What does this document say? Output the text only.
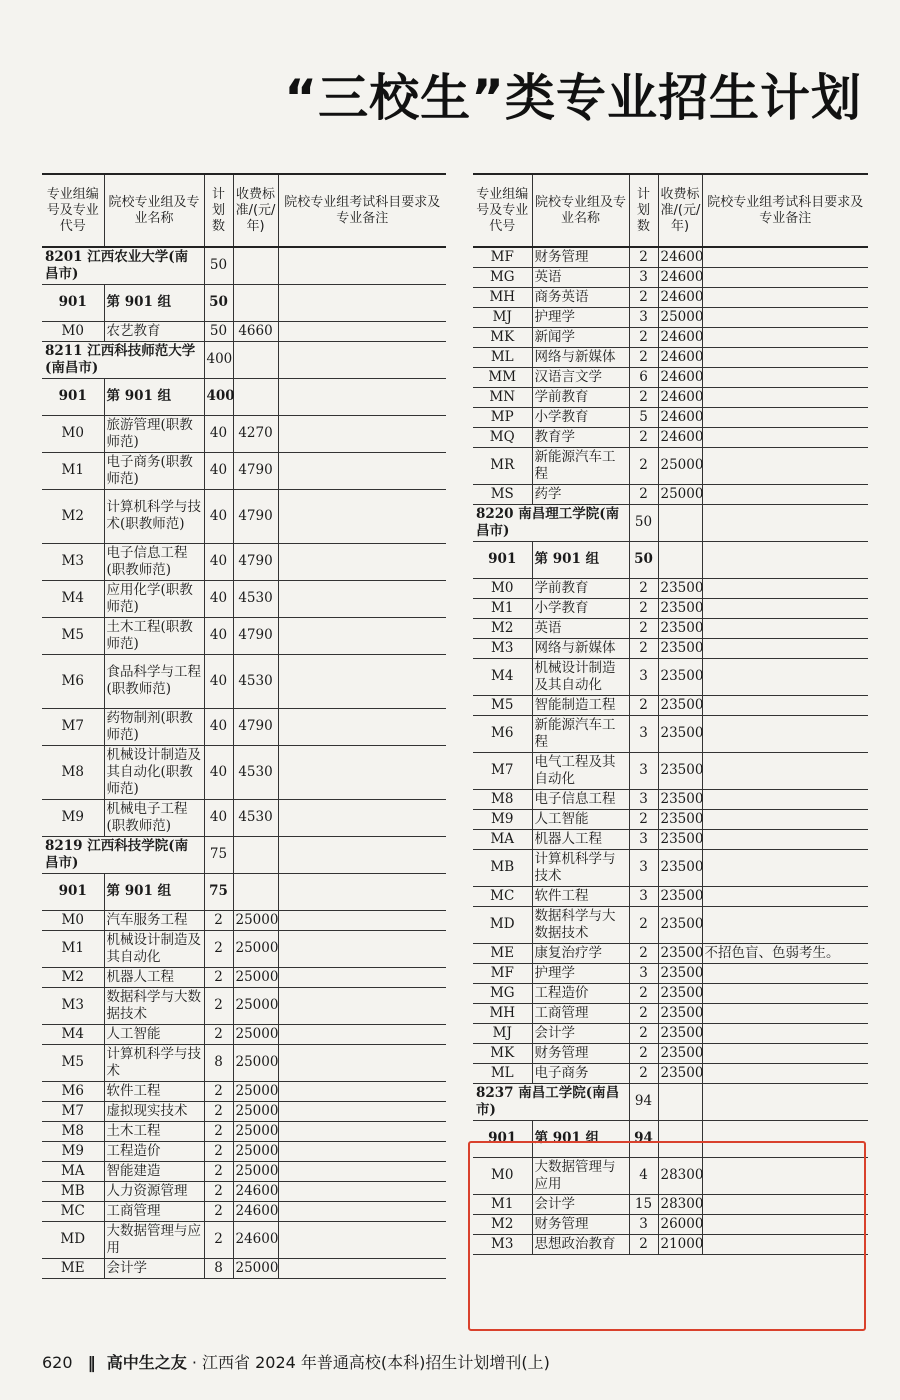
“三校生”类专业招生计划
专业组编号及专业代号	院校专业组及专业名称	计划数	收费标准/(元/年)	院校专业组考试科目要求及专业备注
8201 江西农业大学(南昌市)		50		
901	第 901 组	50		
M0	农艺教育	50	4660	
8211 江西科技师范大学(南昌市)		400		
901	第 901 组	400		
M0	旅游管理(职教师范)	40	4270	
M1	电子商务(职教师范)	40	4790	
M2	计算机科学与技术(职教师范)	40	4790	
M3	电子信息工程(职教师范)	40	4790	
M4	应用化学(职教师范)	40	4530	
M5	土木工程(职教师范)	40	4790	
M6	食品科学与工程(职教师范)	40	4530	
M7	药物制剂(职教师范)	40	4790	
M8	机械设计制造及其自动化(职教师范)	40	4530	
M9	机械电子工程(职教师范)	40	4530	
8219 江西科技学院(南昌市)		75		
901	第 901 组	75		
M0	汽车服务工程	2	25000	
M1	机械设计制造及其自动化	2	25000	
M2	机器人工程	2	25000	
M3	数据科学与大数据技术	2	25000	
M4	人工智能	2	25000	
M5	计算机科学与技术	8	25000	
M6	软件工程	2	25000	
M7	虚拟现实技术	2	25000	
M8	土木工程	2	25000	
M9	工程造价	2	25000	
MA	智能建造	2	25000	
MB	人力资源管理	2	24600	
MC	工商管理	2	24600	
MD	大数据管理与应用	2	24600	
ME	会计学	8	25000	
专业组编号及专业代号	院校专业组及专业名称	计划数	收费标准/(元/年)	院校专业组考试科目要求及专业备注
MF	财务管理	2	24600	
MG	英语	3	24600	
MH	商务英语	2	24600	
MJ	护理学	3	25000	
MK	新闻学	2	24600	
ML	网络与新媒体	2	24600	
MM	汉语言文学	6	24600	
MN	学前教育	2	24600	
MP	小学教育	5	24600	
MQ	教育学	2	24600	
MR	新能源汽车工程	2	25000	
MS	药学	2	25000	
8220 南昌理工学院(南昌市)		50		
901	第 901 组	50		
M0	学前教育	2	23500	
M1	小学教育	2	23500	
M2	英语	2	23500	
M3	网络与新媒体	2	23500	
M4	机械设计制造及其自动化	3	23500	
M5	智能制造工程	2	23500	
M6	新能源汽车工程	3	23500	
M7	电气工程及其自动化	3	23500	
M8	电子信息工程	3	23500	
M9	人工智能	2	23500	
MA	机器人工程	3	23500	
MB	计算机科学与技术	3	23500	
MC	软件工程	3	23500	
MD	数据科学与大数据技术	2	23500	
ME	康复治疗学	2	23500	不招色盲、色弱考生。
MF	护理学	3	23500	
MG	工程造价	2	23500	
MH	工商管理	2	23500	
MJ	会计学	2	23500	
MK	财务管理	2	23500	
ML	电子商务	2	23500	
8237 南昌工学院(南昌市)		94		
901	第 901 组	94		
M0	大数据管理与应用	4	28300	
M1	会计学	15	28300	
M2	财务管理	3	26000	
M3	思想政治教育	2	21000	
620 ‖ 高中生之友 · 江西省 2024 年普通高校(本科)招生计划增刊(上)
